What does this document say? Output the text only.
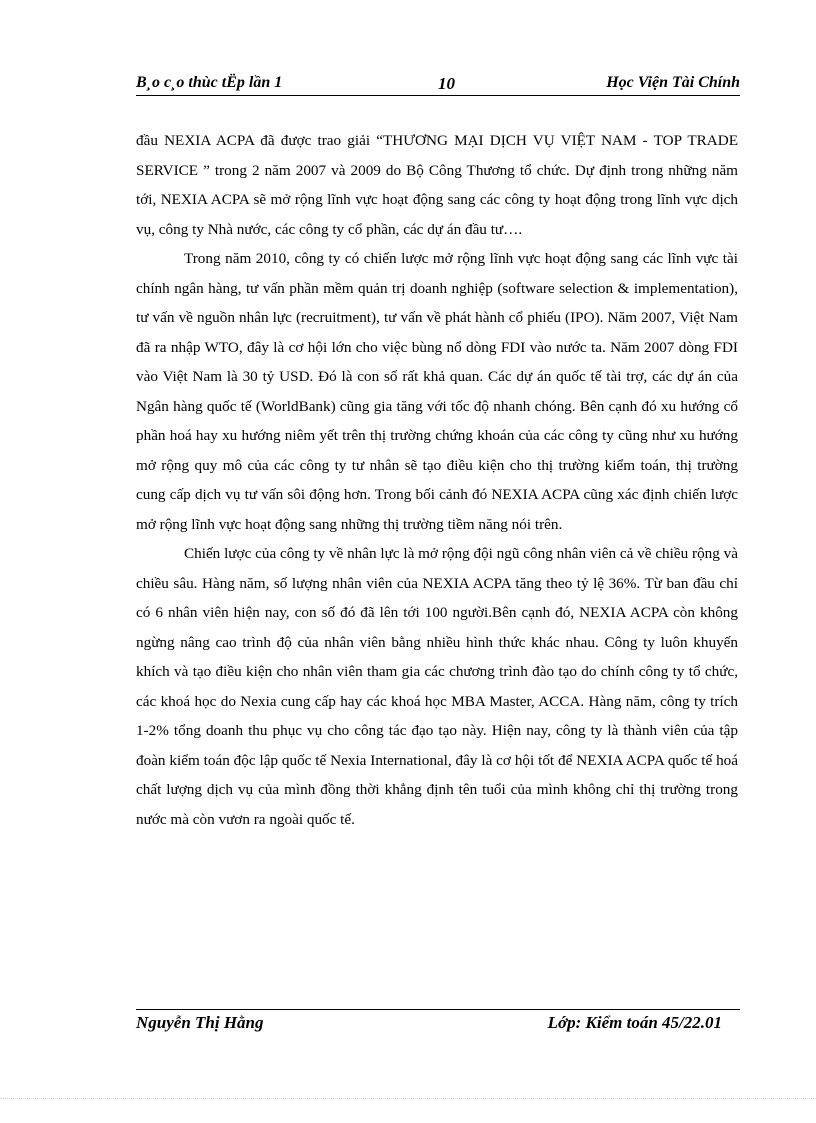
B¸o c¸o thùc tËp lần 1	10	Học Viện Tài Chính

đầu NEXIA ACPA đã được trao giải “THƯƠNG MẠI DỊCH VỤ VIỆT NAM - TOP TRADE SERVICE ” trong 2 năm 2007 và 2009 do Bộ Công Thương tổ chức. Dự định trong những năm tới, NEXIA ACPA sẽ mở rộng lĩnh vực hoạt động sang các công ty hoạt động trong lĩnh vực dịch vụ, công ty Nhà nước, các công ty cổ phần, các dự án đầu tư….

Trong năm 2010, công ty có chiến lược mở rộng lĩnh vực hoạt động sang các lĩnh vực tài chính ngân hàng, tư vấn phần mềm quản trị doanh nghiệp (software selection & implementation), tư vấn về nguồn nhân lực (recruitment), tư vấn về phát hành cổ phiếu (IPO). Năm 2007, Việt Nam đã ra nhập WTO, đây là cơ hội lớn cho việc bùng nổ dòng FDI vào nước ta. Năm 2007 dòng FDI vào Việt Nam là 30 tỷ USD. Đó là con số rất khả quan. Các dự án quốc tế tài trợ, các dự án của Ngân hàng quốc tế (WorldBank) cũng gia tăng với tốc độ nhanh chóng. Bên cạnh đó xu hướng cổ phần hoá hay xu hướng niêm yết trên thị trường chứng khoán của các công ty cũng như xu hướng mở rộng quy mô của các công ty tư nhân sẽ tạo điều kiện cho thị trường kiểm toán, thị trường cung cấp dịch vụ tư vấn sôi động hơn. Trong bối cảnh đó NEXIA ACPA cũng xác định chiến lược mở rộng lĩnh vực hoạt động sang những thị trường tiềm năng nói trên.

Chiến lược của công ty về nhân lực là mở rộng đội ngũ công nhân viên cả về chiều rộng và chiều sâu. Hàng năm, số lượng nhân viên của NEXIA ACPA tăng theo tỷ lệ 36%. Từ ban đầu chỉ có 6 nhân viên hiện nay, con số đó đã lên tới 100 người.Bên cạnh đó, NEXIA ACPA còn không ngừng nâng cao trình độ của nhân viên bằng nhiều hình thức khác nhau. Công ty luôn khuyến khích và tạo điều kiện cho nhân viên tham gia các chương trình đào tạo do chính công ty tổ chức, các khoá học do Nexia cung cấp hay các khoá học MBA Master, ACCA. Hàng năm, công ty trích 1-2% tổng doanh thu phục vụ cho công tác đạo tạo này. Hiện nay, công ty là thành viên của tập đoàn kiểm toán độc lập quốc tế Nexia International, đây là cơ hội tốt để NEXIA ACPA quốc tế hoá chất lượng dịch vụ của mình đồng thời khẳng định tên tuổi của mình không chỉ thị trường trong nước mà còn vươn ra ngoài quốc tế.

Nguyễn Thị Hằng	Lớp: Kiểm toán 45/22.01
